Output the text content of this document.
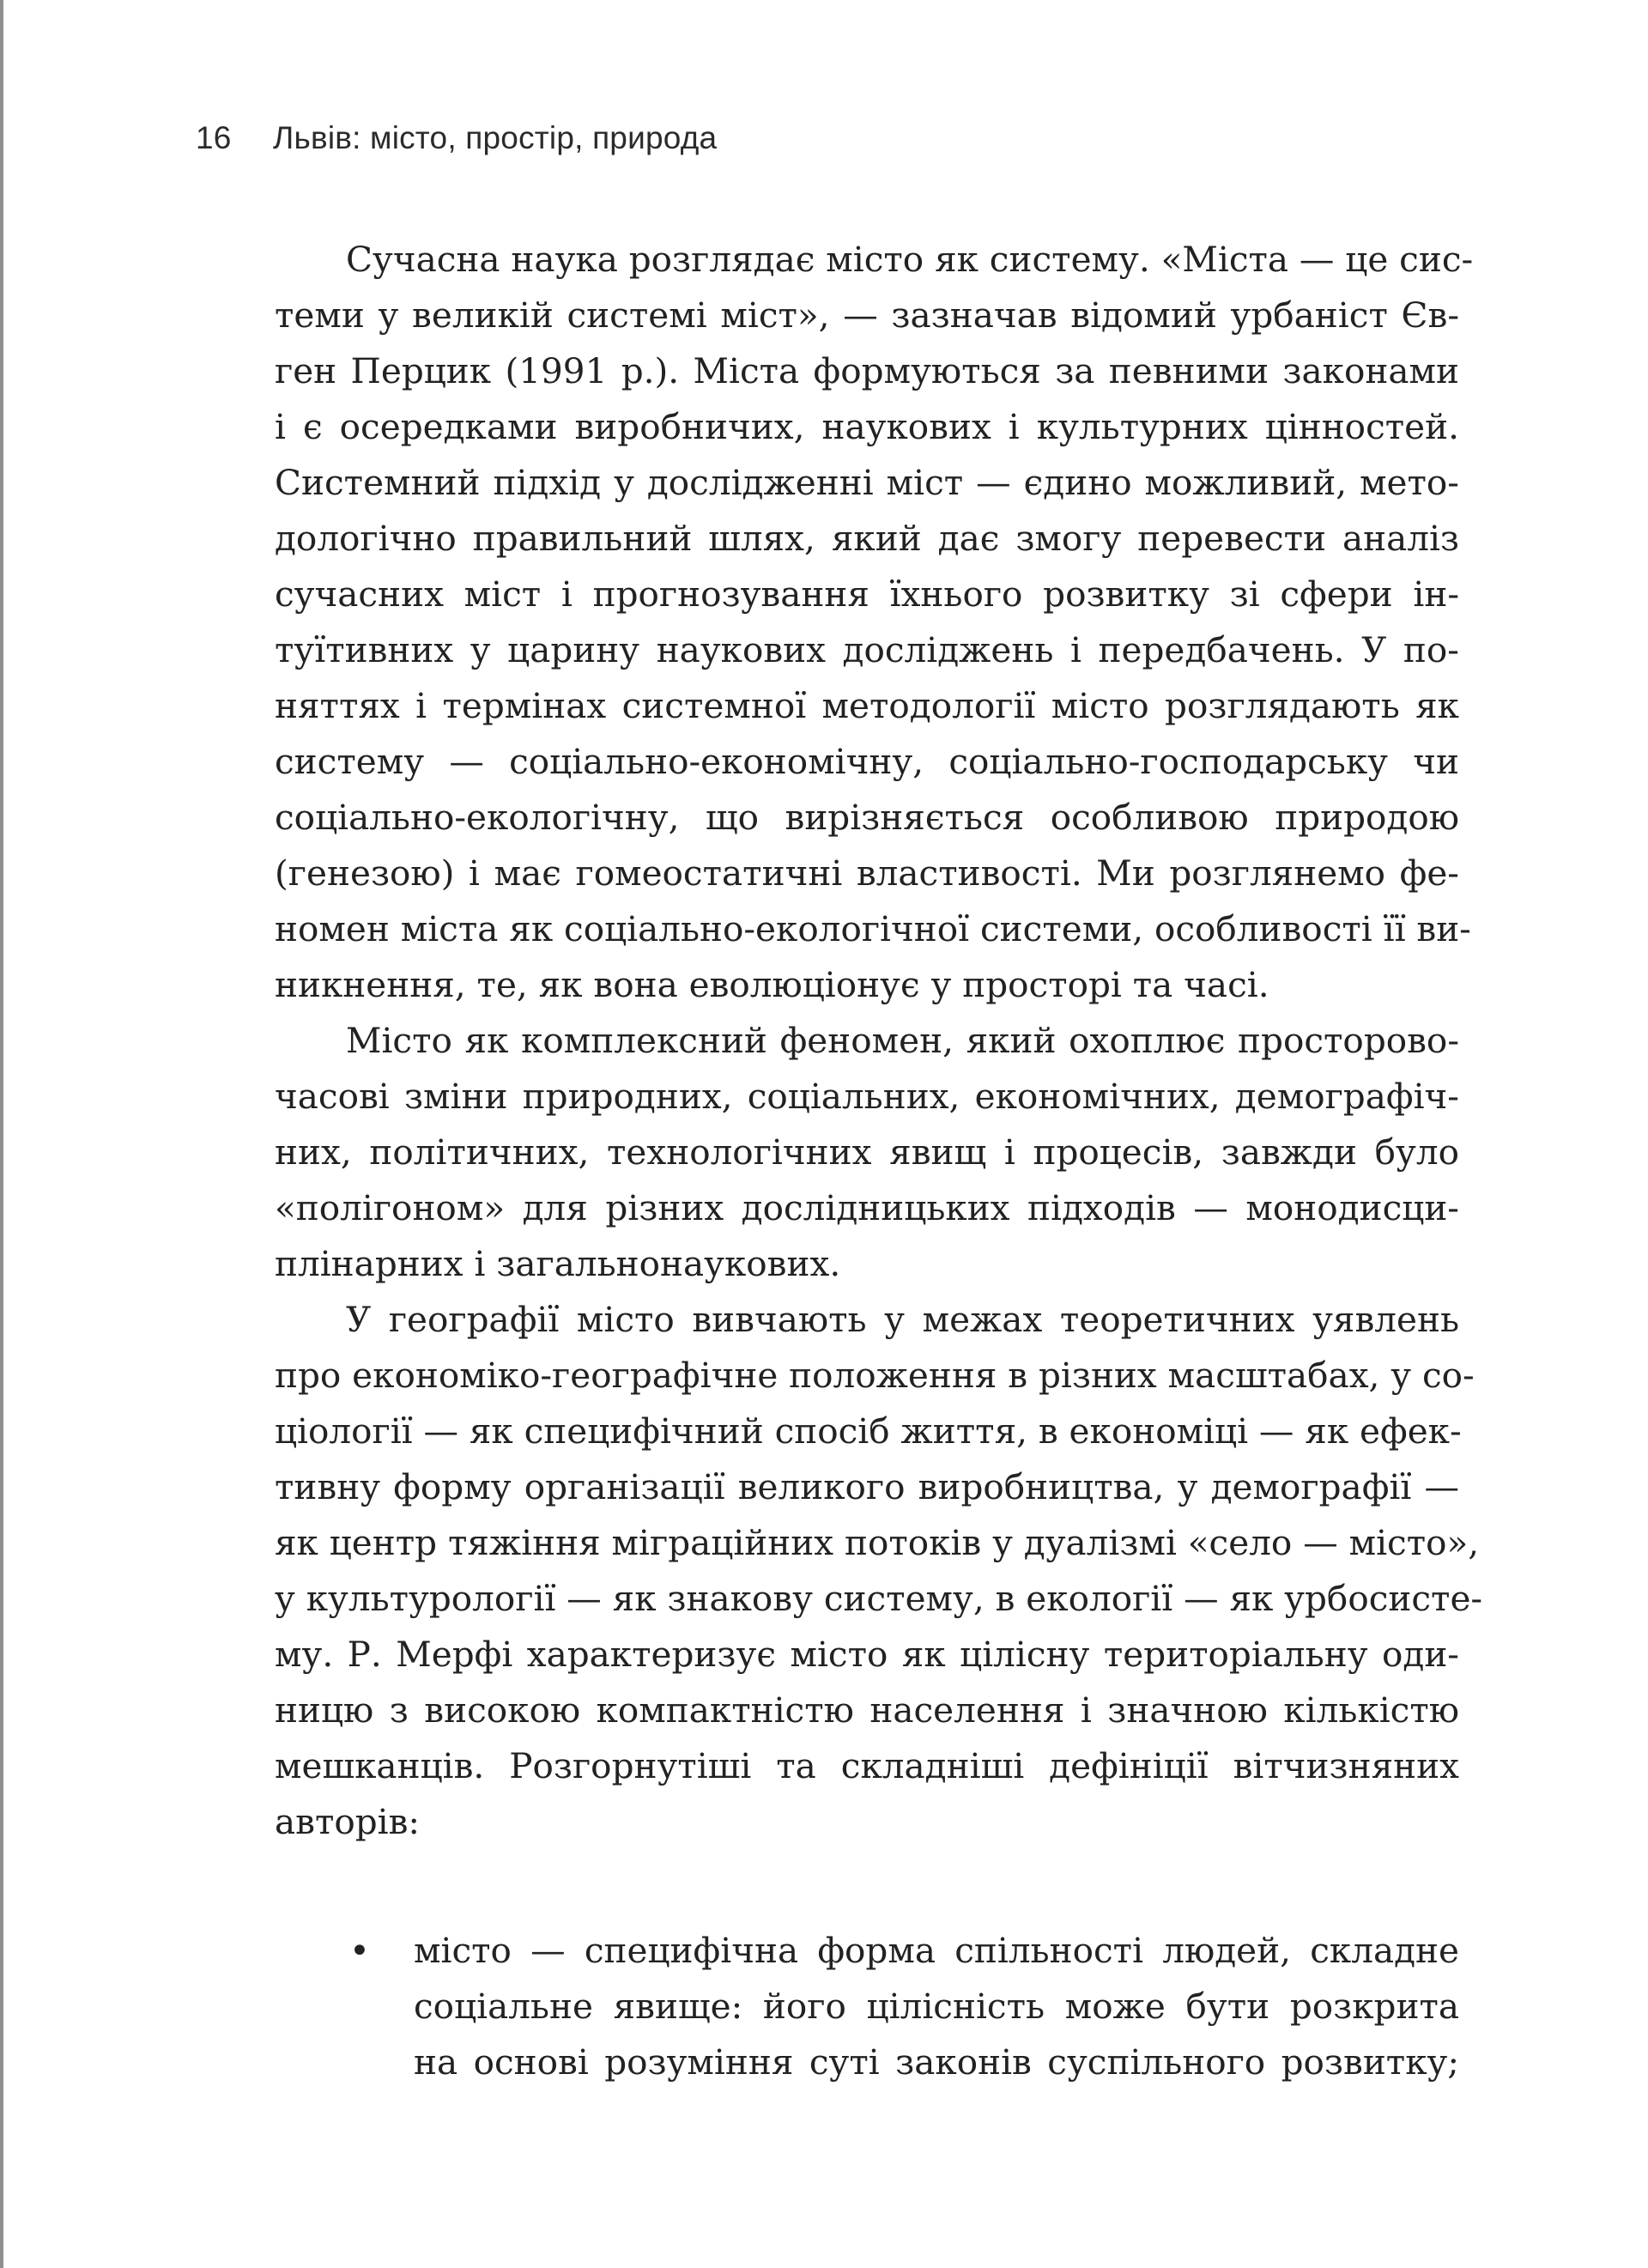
16 Львів: місто, простір, природа
Сучасна наука розглядає місто як систему. «Міста — це сис-
теми у великій системі міст», — зазначав відомий урбаніст Єв-
ген Перцик (1991 р.). Міста формуються за певними законами
і є осередками виробничих, наукових і культурних цінностей.
Системний підхід у дослідженні міст — єдино можливий, мето-
дологічно правильний шлях, який дає змогу перевести аналіз
сучасних міст і прогнозування їхнього розвитку зі сфери ін-
туїтивних у царину наукових досліджень і передбачень. У по-
няттях і термінах системної методології місто розглядають як
систему — соціально-економічну, соціально-господарську чи
соціально-екологічну, що вирізняється особливою природою
(генезою) і має гомеостатичні властивості. Ми розглянемо фе-
номен міста як соціально-екологічної системи, особливості її ви-
никнення, те, як вона еволюціонує у просторі та часі.
Місто як комплексний феномен, який охоплює просторово-
часові зміни природних, соціальних, економічних, демографіч-
них, політичних, технологічних явищ і процесів, завжди було
«полігоном» для різних дослідницьких підходів — монодисци-
плінарних і загальнонаукових.
У географії місто вивчають у межах теоретичних уявлень
про економіко-географічне положення в різних масштабах, у со-
ціології — як специфічний спосіб життя, в економіці — як ефек-
тивну форму організації великого виробництва, у демографії —
як центр тяжіння міграційних потоків у дуалізмі «село — місто»,
у культурології — як знакову систему, в екології — як урбосисте-
му. Р. Мерфі характеризує місто як цілісну територіальну оди-
ницю з високою компактністю населення і значною кількістю
мешканців. Розгорнутіші та складніші дефініції вітчизняних
авторів:
• місто — специфічна форма спільності людей, складне
соціальне явище: його цілісність може бути розкрита
на основі розуміння суті законів суспільного розвитку;
